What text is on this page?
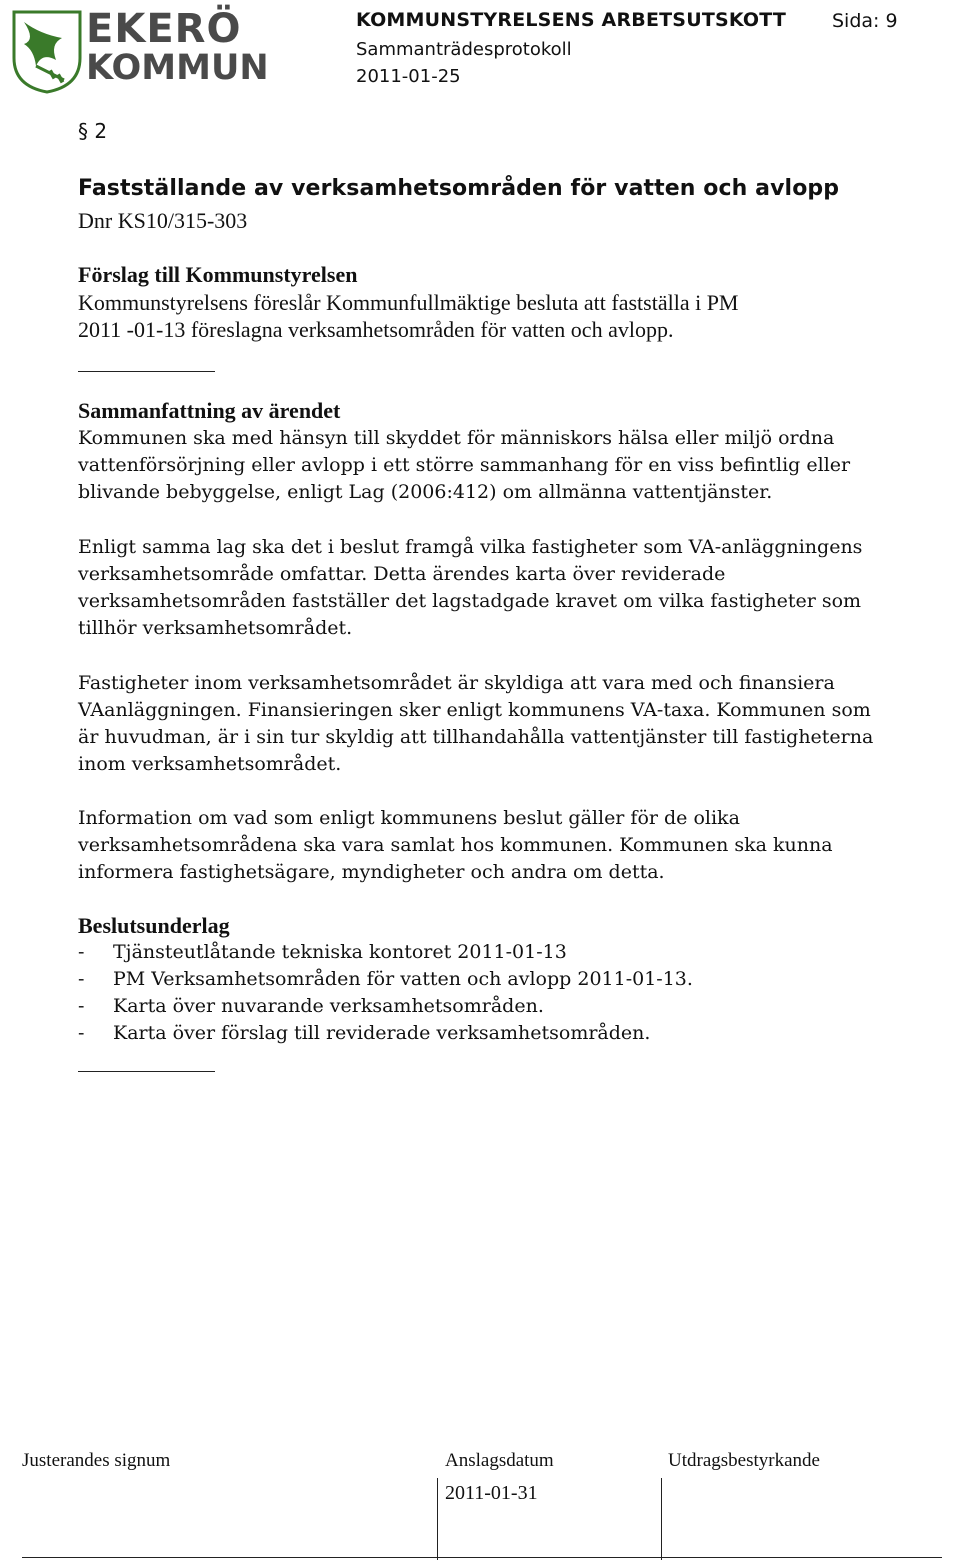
EKERÖ
KOMMUN
KOMMUNSTYRELSENS ARBETSUTSKOTT Sida: 9
Sammanträdesprotokoll
2011-01-25
§ 2
Fastställande av verksamhetsområden för vatten och avlopp
Dnr KS10/315-303
Förslag till Kommunstyrelsen
Kommunstyrelsens föreslår Kommunfullmäktige besluta att fastställa i PM
2011 -01-13 föreslagna verksamhetsområden för vatten och avlopp.
Sammanfattning av ärendet
Kommunen ska med hänsyn till skyddet för människors hälsa eller miljö ordna
vattenförsörjning eller avlopp i ett större sammanhang för en viss befintlig eller
blivande bebyggelse, enligt Lag (2006:412) om allmänna vattentjänster.
Enligt samma lag ska det i beslut framgå vilka fastigheter som VA-anläggningens
verksamhetsområde omfattar. Detta ärendes karta över reviderade
verksamhetsområden fastställer det lagstadgade kravet om vilka fastigheter som
tillhör verksamhetsområdet.
Fastigheter inom verksamhetsområdet är skyldiga att vara med och finansiera
VAanläggningen. Finansieringen sker enligt kommunens VA-taxa. Kommunen som
är huvudman, är i sin tur skyldig att tillhandahålla vattentjänster till fastigheterna
inom verksamhetsområdet.
Information om vad som enligt kommunens beslut gäller för de olika
verksamhetsområdena ska vara samlat hos kommunen. Kommunen ska kunna
informera fastighetsägare, myndigheter och andra om detta.
Beslutsunderlag
- Tjänsteutlåtande tekniska kontoret 2011-01-13
- PM Verksamhetsområden för vatten och avlopp 2011-01-13.
- Karta över nuvarande verksamhetsområden.
- Karta över förslag till reviderade verksamhetsområden.
Justerandes signum	Anslagsdatum	Utdragsbestyrkande
2011-01-31
